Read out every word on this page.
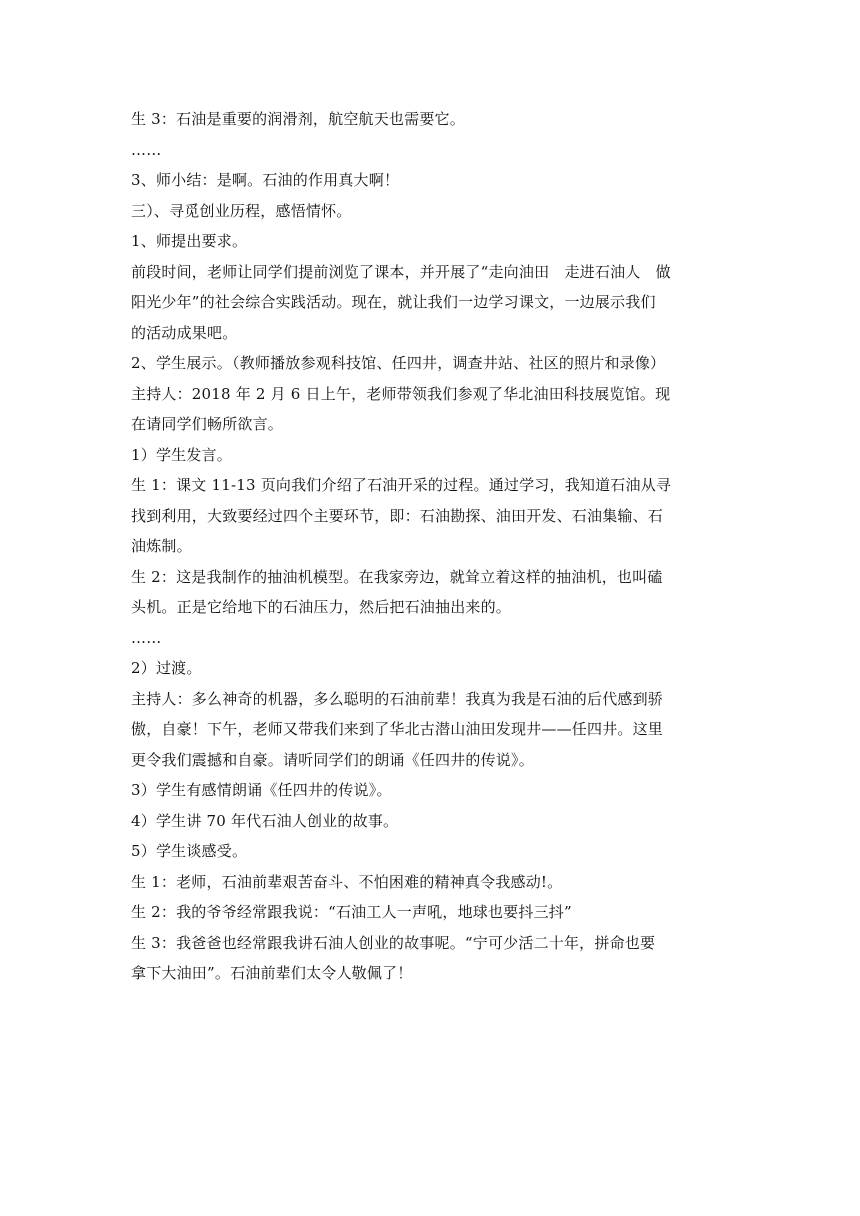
生 3：石油是重要的润滑剂，航空航天也需要它。

……

3、师小结：是啊。石油的作用真大啊！

三）、寻觅创业历程，感悟情怀。

1、师提出要求。

前段时间，老师让同学们提前浏览了课本，并开展了“走向油田　走进石油人　做

阳光少年”的社会综合实践活动。现在，就让我们一边学习课文，一边展示我们

的活动成果吧。

2、学生展示。（教师播放参观科技馆、任四井，调查井站、社区的照片和录像）

主持人：2018 年 2 月 6 日上午，老师带领我们参观了华北油田科技展览馆。现

在请同学们畅所欲言。

1）学生发言。

生 1：课文 11-13 页向我们介绍了石油开采的过程。通过学习，我知道石油从寻

找到利用，大致要经过四个主要环节，即：石油勘探、油田开发、石油集输、石

油炼制。

生 2：这是我制作的抽油机模型。在我家旁边，就耸立着这样的抽油机，也叫磕

头机。正是它给地下的石油压力，然后把石油抽出来的。

……

2）过渡。

主持人：多么神奇的机器，多么聪明的石油前辈！我真为我是石油的后代感到骄

傲，自豪！下午，老师又带我们来到了华北古潜山油田发现井——任四井。这里

更令我们震撼和自豪。请听同学们的朗诵《任四井的传说》。

3）学生有感情朗诵《任四井的传说》。

4）学生讲 70 年代石油人创业的故事。

5）学生谈感受。

生 1：老师，石油前辈艰苦奋斗、不怕困难的精神真令我感动!。

生 2：我的爷爷经常跟我说：“石油工人一声吼，地球也要抖三抖”

生 3：我爸爸也经常跟我讲石油人创业的故事呢。“宁可少活二十年，拼命也要

拿下大油田”。石油前辈们太令人敬佩了！
